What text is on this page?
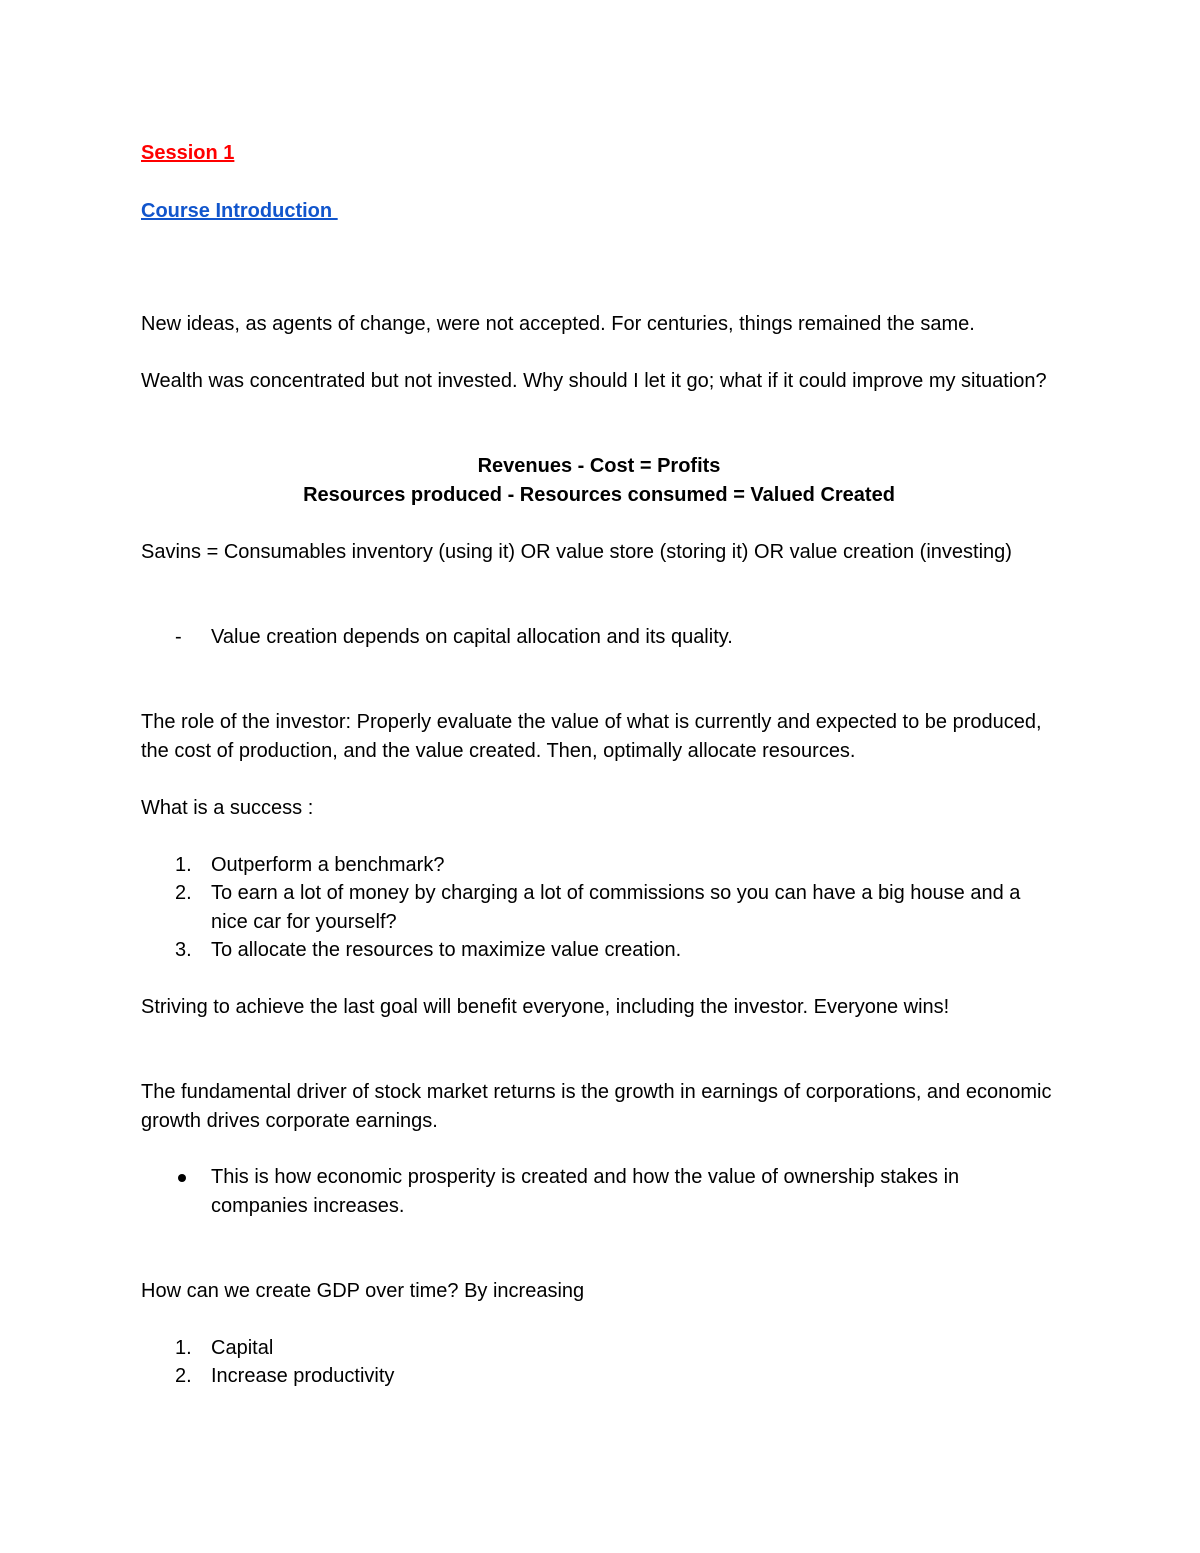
Session 1
Course Introduction
New ideas, as agents of change, were not accepted. For centuries, things remained the same.
Wealth was concentrated but not invested. Why should I let it go; what if it could improve my situation?
Revenues - Cost = Profits
Resources produced - Resources consumed = Valued Created
Savins = Consumables inventory (using it) OR value store (storing it) OR value creation (investing)
- Value creation depends on capital allocation and its quality.
The role of the investor: Properly evaluate the value of what is currently and expected to be produced, the cost of production, and the value created. Then, optimally allocate resources.
What is a success :
1. Outperform a benchmark?
2. To earn a lot of money by charging a lot of commissions so you can have a big house and a nice car for yourself?
3. To allocate the resources to maximize value creation.
Striving to achieve the last goal will benefit everyone, including the investor. Everyone wins!
The fundamental driver of stock market returns is the growth in earnings of corporations, and economic growth drives corporate earnings.
This is how economic prosperity is created and how the value of ownership stakes in companies increases.
How can we create GDP over time? By increasing
1. Capital
2. Increase productivity
